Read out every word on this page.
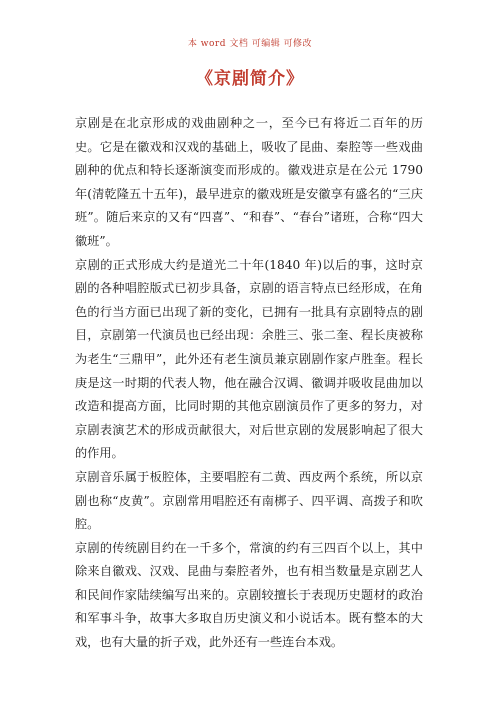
本 word 文档 可编辑 可修改
《京剧简介》

京剧是在北京形成的戏曲剧种之一，至今已有将近二百年的历史。它是在徽戏和汉戏的基础上，吸收了昆曲、秦腔等一些戏曲剧种的优点和特长逐渐演变而形成的。徽戏进京是在公元 1790 年(清乾隆五十五年)，最早进京的徽戏班是安徽享有盛名的“三庆班”。随后来京的又有“四喜”、“和春”、“春台”诸班，合称“四大徽班”。

京剧的正式形成大约是道光二十年(1840 年)以后的事，这时京剧的各种唱腔版式已初步具备，京剧的语言特点已经形成，在角色的行当方面已出现了新的变化，已拥有一批具有京剧特点的剧目，京剧第一代演员也已经出现：余胜三、张二奎、程长庚被称为老生“三鼎甲”，此外还有老生演员兼京剧剧作家卢胜奎。程长庚是这一时期的代表人物，他在融合汉调、徽调并吸收昆曲加以改造和提高方面，比同时期的其他京剧演员作了更多的努力，对京剧表演艺术的形成贡献很大，对后世京剧的发展影响起了很大的作用。

京剧音乐属于板腔体，主要唱腔有二黄、西皮两个系统，所以京剧也称“皮黄”。京剧常用唱腔还有南梆子、四平调、高拨子和吹腔。

京剧的传统剧目约在一千多个，常演的约有三四百个以上，其中除来自徽戏、汉戏、昆曲与秦腔者外，也有相当数量是京剧艺人和民间作家陆续编写出来的。京剧较擅长于表现历史题材的政治和军事斗争，故事大多取自历史演义和小说话本。既有整本的大戏，也有大量的折子戏，此外还有一些连台本戏。
